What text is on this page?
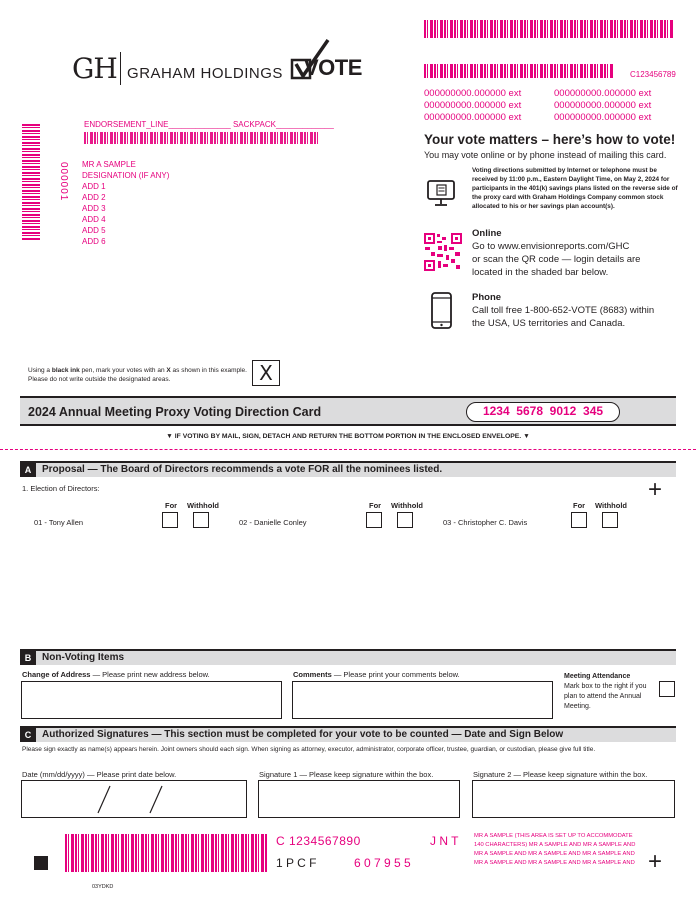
GH GRAHAM HOLDINGS VOTE	C123456789
000000000.000000 ext	000000000.000000 ext
000000000.000000 ext	000000000.000000 ext
000000000.000000 ext	000000000.000000 ext
ENDORSEMENT_LINE______________ SACKPACK_____________
000001 MR A SAMPLE
DESIGNATION (IF ANY)
ADD 1
ADD 2
ADD 3
ADD 4
ADD 5
ADD 6
Your vote matters – here’s how to vote!
You may vote online or by phone instead of mailing this card.
Voting directions submitted by Internet or telephone must be received by 11:00 p.m., Eastern Daylight Time, on May 2, 2024 for participants in the 401(k) savings plans listed on the reverse side of the proxy card with Graham Holdings Company common stock allocated to his or her savings plan account(s).
Online
Go to www.envisionreports.com/GHC
or scan the QR code — login details are
located in the shaded bar below.
Phone
Call toll free 1-800-652-VOTE (8683) within
the USA, US territories and Canada.
Using a black ink pen, mark your votes with an X as shown in this example.
Please do not write outside the designated areas.	X
2024 Annual Meeting Proxy Voting Direction Card	1234  5678  9012  345
▼ IF VOTING BY MAIL, SIGN, DETACH AND RETURN THE BOTTOM PORTION IN THE ENCLOSED ENVELOPE. ▼
A	Proposal — The Board of Directors recommends a vote FOR all the nominees listed.
1. Election of Directors:	+
For Withhold
01 - Tony Allen
For Withhold
02 - Danielle Conley
For Withhold
03 - Christopher C. Davis
B	Non-Voting Items
Change of Address — Please print new address below.	Comments — Please print your comments below.	Meeting Attendance
Mark box to the right if you plan to attend the Annual Meeting.
C	Authorized Signatures — This section must be completed for your vote to be counted — Date and Sign Below
Please sign exactly as name(s) appears herein. Joint owners should each sign. When signing as attorney, executor, administrator, corporate officer, trustee, guardian, or custodian, please give full title.
Date (mm/dd/yyyy) — Please print date below.	Signature 1 — Please keep signature within the box.	Signature 2 — Please keep signature within the box.
C 1234567890	J N T
1 P C F	6 0 7 9 5 5
MR A SAMPLE (THIS AREA IS SET UP TO ACCOMMODATE
140 CHARACTERS) MR A SAMPLE AND MR A SAMPLE AND
MR A SAMPLE AND MR A SAMPLE AND MR A SAMPLE AND
MR A SAMPLE AND MR A SAMPLE AND MR A SAMPLE AND +
03YDKD
